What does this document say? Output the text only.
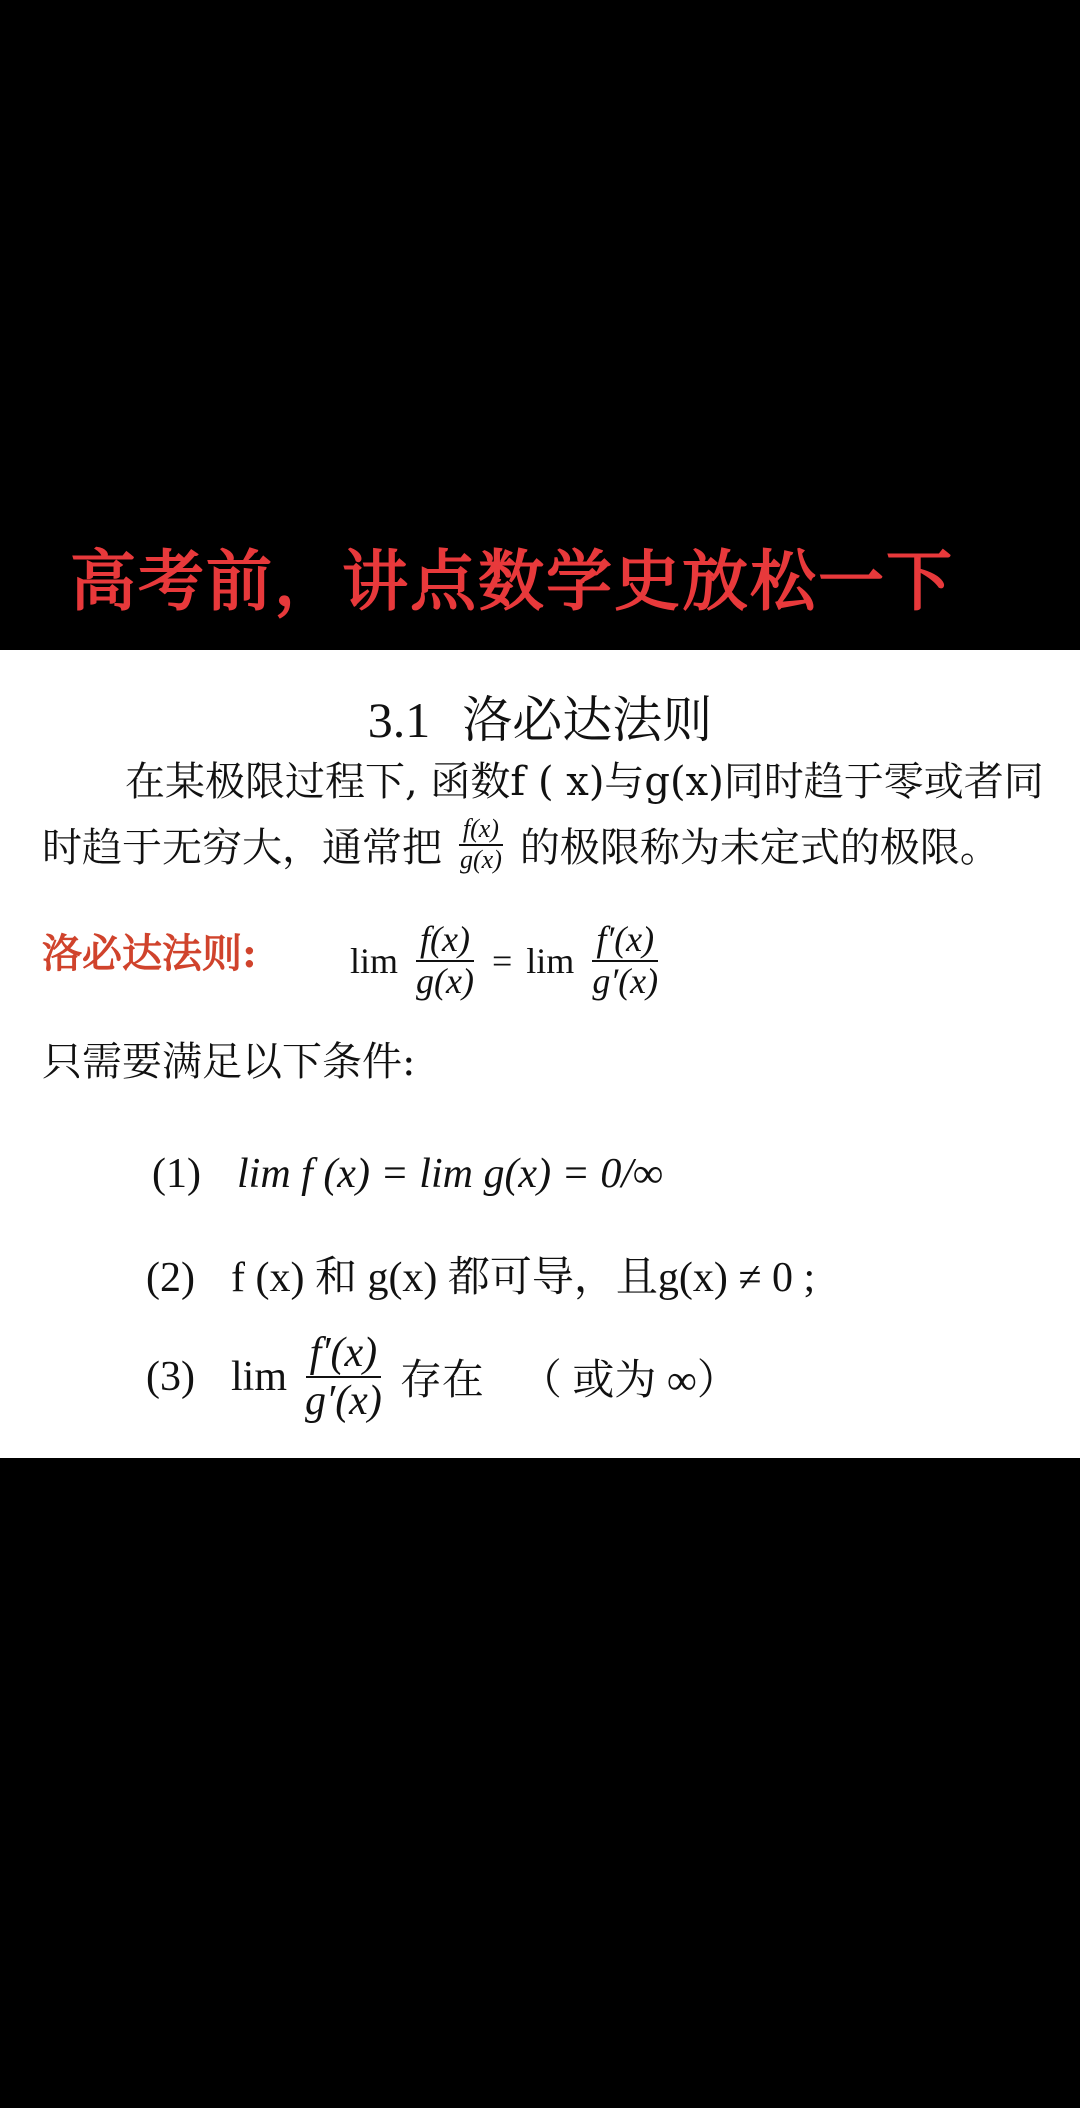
高考前，讲点数学史放松一下
3.1 洛必达法则
在某极限过程下, 函数f ( x)与g(x)同时趋于零或者同
时趋于无穷大，通常把 $\frac{f(x)}{g(x)}$ 的极限称为未定式的极限。
洛必达法则:	$\lim \frac{f(x)}{g(x)} = \lim \frac{f'(x)}{g'(x)}$
只需要满足以下条件:
(1) lim f (x) = lim g(x) = 0/∞
(2) f (x) 和 g(x) 都可导，且g(x) ≠ 0 ;
(3) $\lim \frac{f'(x)}{g'(x)}$ 存在 （ 或为 ∞）
